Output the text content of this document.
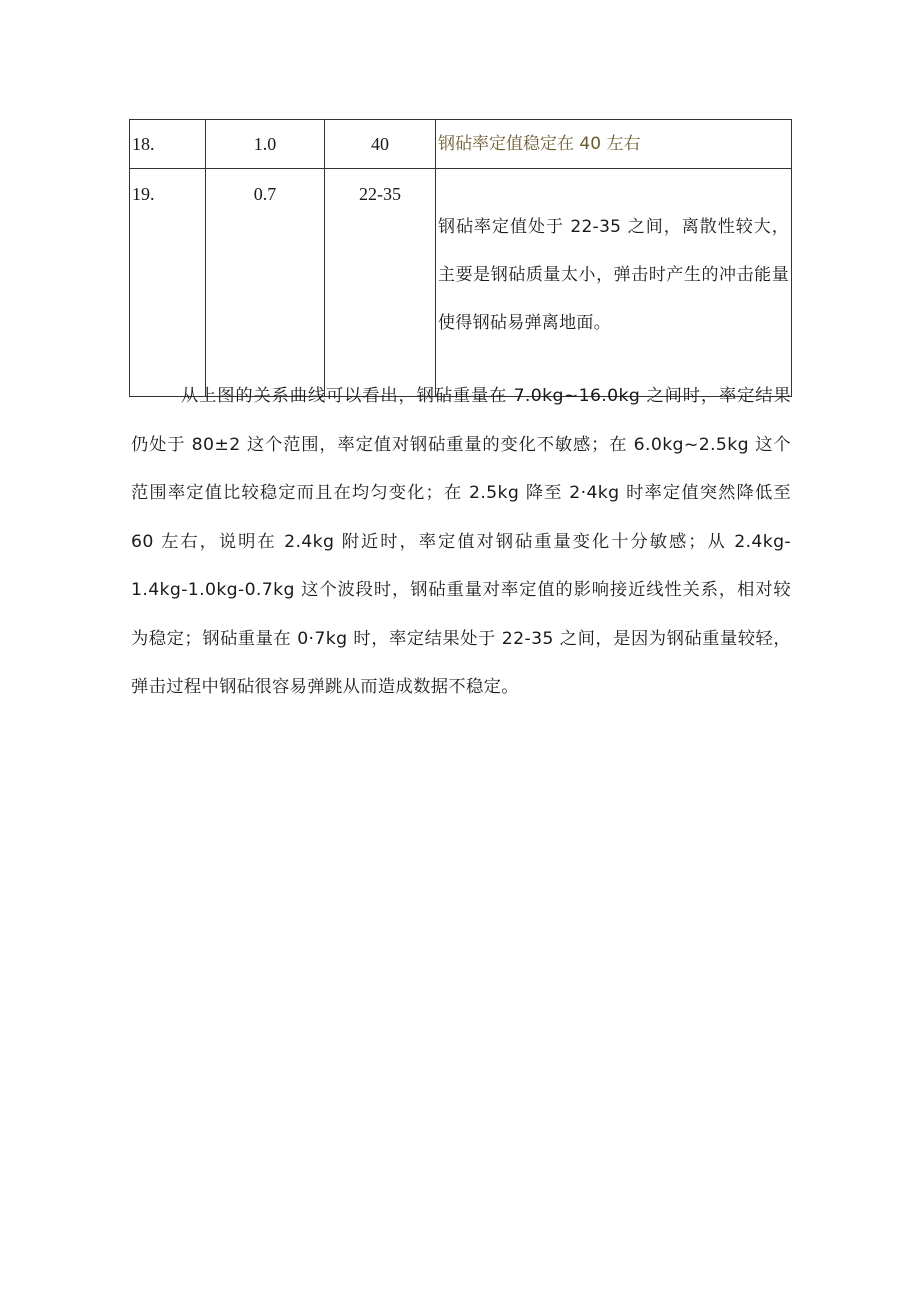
18.	1.0	40	钢砧率定值稳定在 40 左右
19.	0.7	22-35	钢砧率定值处于 22-35 之间，离散性较大，主要是钢砧质量太小，弹击时产生的冲击能量使得钢砧易弹离地面。

从上图的关系曲线可以看出，钢砧重量在 7.0kg~16.0kg 之间时，率定结果仍处于 80±2 这个范围，率定值对钢砧重量的变化不敏感；在 6.0kg~2.5kg 这个范围率定值比较稳定而且在均匀变化；在 2.5kg 降至 2·4kg 时率定值突然降低至 60 左右，说明在 2.4kg 附近时，率定值对钢砧重量变化十分敏感；从 2.4kg-1.4kg-1.0kg-0.7kg 这个波段时，钢砧重量对率定值的影响接近线性关系，相对较为稳定；钢砧重量在 0·7kg 时，率定结果处于 22-35 之间，是因为钢砧重量较轻，弹击过程中钢砧很容易弹跳从而造成数据不稳定。
